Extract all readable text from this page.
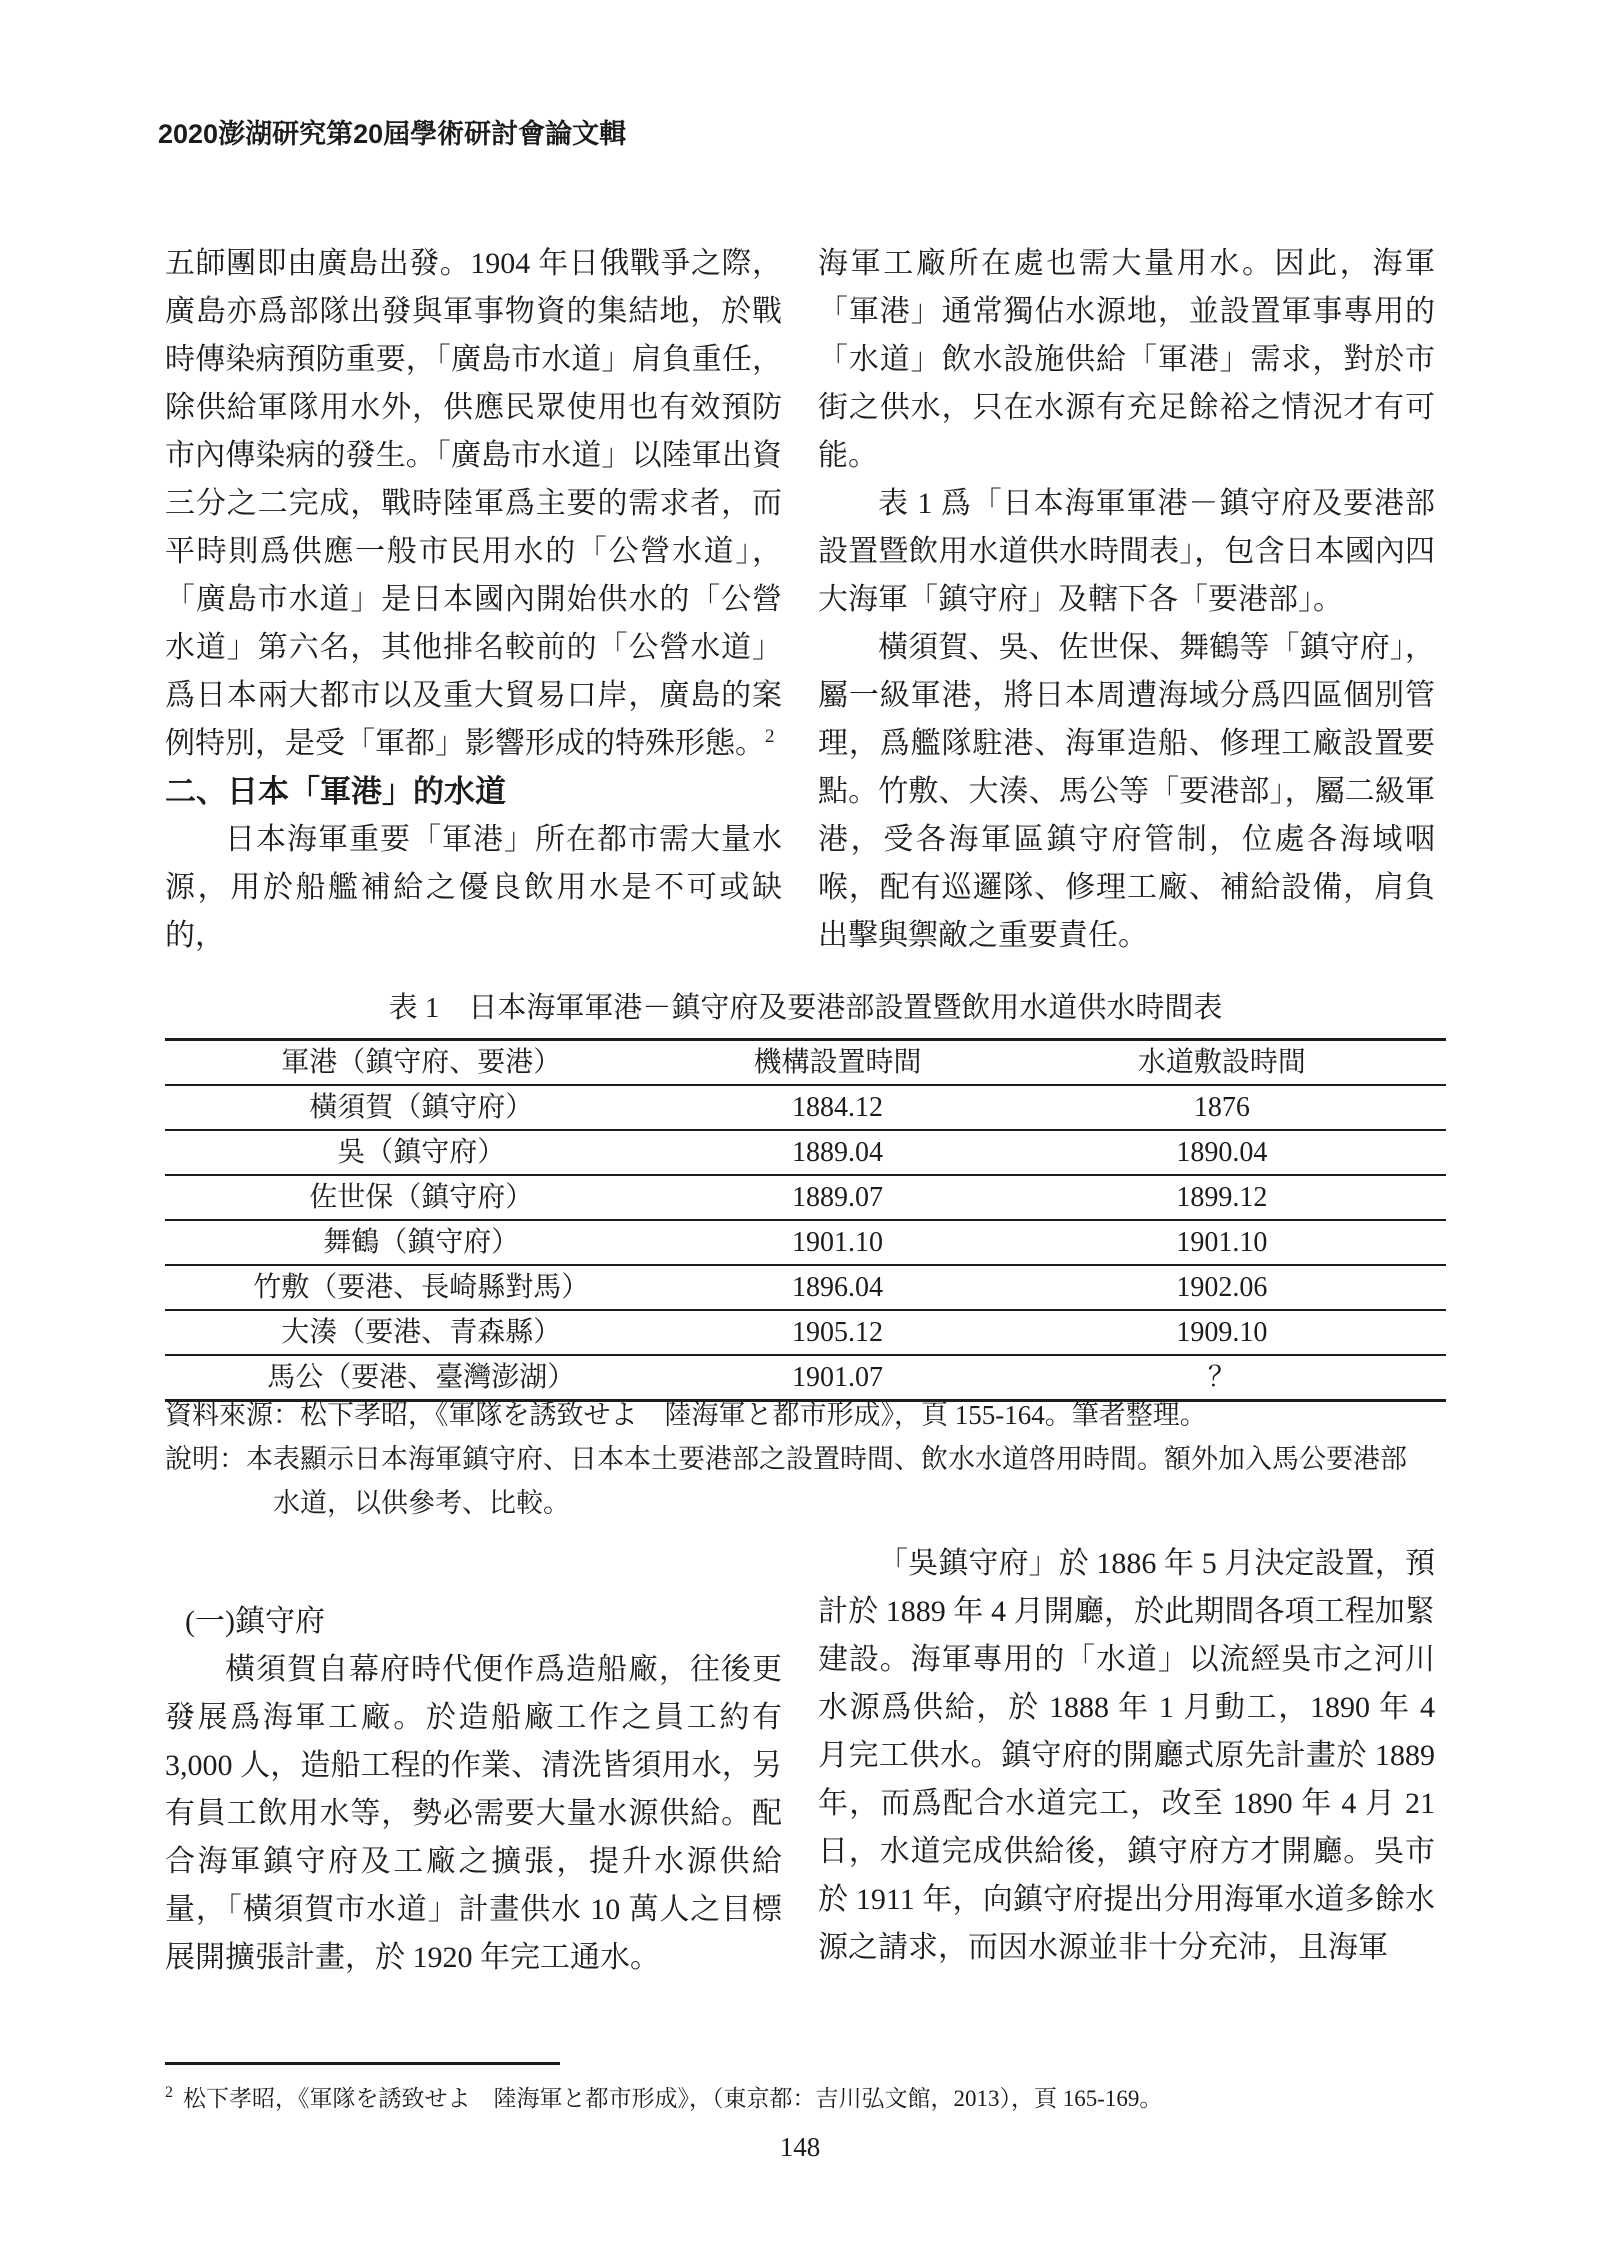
2020澎湖研究第20屆學術研討會論文輯

五師團即由廣島出發。1904 年日俄戰爭之際，廣島亦爲部隊出發與軍事物資的集結地，於戰時傳染病預防重要，「廣島市水道」肩負重任，除供給軍隊用水外，供應民眾使用也有效預防市內傳染病的發生。「廣島市水道」以陸軍出資三分之二完成，戰時陸軍爲主要的需求者，而平時則爲供應一般市民用水的「公營水道」，「廣島市水道」是日本國內開始供水的「公營水道」第六名，其他排名較前的「公營水道」爲日本兩大都市以及重大貿易口岸，廣島的案例特別，是受「軍都」影響形成的特殊形態。$^2$

二、日本「軍港」的水道

日本海軍重要「軍港」所在都市需大量水源，用於船艦補給之優良飲用水是不可或缺的，

海軍工廠所在處也需大量用水。因此，海軍「軍港」通常獨佔水源地，並設置軍事專用的「水道」飲水設施供給「軍港」需求，對於市街之供水，只在水源有充足餘裕之情況才有可能。

表 1 爲「日本海軍軍港－鎮守府及要港部設置暨飲用水道供水時間表」，包含日本國內四大海軍「鎮守府」及轄下各「要港部」。

橫須賀、吳、佐世保、舞鶴等「鎮守府」，屬一級軍港，將日本周遭海域分爲四區個別管理，爲艦隊駐港、海軍造船、修理工廠設置要點。竹敷、大湊、馬公等「要港部」，屬二級軍港，受各海軍區鎮守府管制，位處各海域咽喉，配有巡邏隊、修理工廠、補給設備，肩負出擊與禦敵之重要責任。

表 1　日本海軍軍港－鎮守府及要港部設置暨飲用水道供水時間表
軍港（鎮守府、要港）	機構設置時間	水道敷設時間
橫須賀（鎮守府）	1884.12	1876
吳（鎮守府）	1889.04	1890.04
佐世保（鎮守府）	1889.07	1899.12
舞鶴（鎮守府）	1901.10	1901.10
竹敷（要港、長崎縣對馬）	1896.04	1902.06
大湊（要港、青森縣）	1905.12	1909.10
馬公（要港、臺灣澎湖）	1901.07	？
資料來源：松下孝昭，《軍隊を誘致せよ　陸海軍と都市形成》，頁 155-164。筆者整理。
說明：本表顯示日本海軍鎮守府、日本本土要港部之設置時間、飲水水道啓用時間。額外加入馬公要港部
水道，以供參考、比較。

(一)鎮守府

橫須賀自幕府時代便作爲造船廠，往後更發展爲海軍工廠。於造船廠工作之員工約有 3,000 人，造船工程的作業、清洗皆須用水，另有員工飲用水等，勢必需要大量水源供給。配合海軍鎮守府及工廠之擴張，提升水源供給量，「橫須賀市水道」計畫供水 10 萬人之目標展開擴張計畫，於 1920 年完工通水。

「吳鎮守府」於 1886 年 5 月決定設置，預計於 1889 年 4 月開廳，於此期間各項工程加緊建設。海軍專用的「水道」以流經吳市之河川水源爲供給，於 1888 年 1 月動工，1890 年 4 月完工供水。鎮守府的開廳式原先計畫於 1889 年，而爲配合水道完工，改至 1890 年 4 月 21 日，水道完成供給後，鎮守府方才開廳。吳市於 1911 年，向鎮守府提出分用海軍水道多餘水源之請求，而因水源並非十分充沛，且海軍

$^2$ 松下孝昭，《軍隊を誘致せよ　陸海軍と都市形成》，（東京都：吉川弘文館，2013），頁 165-169。
148
